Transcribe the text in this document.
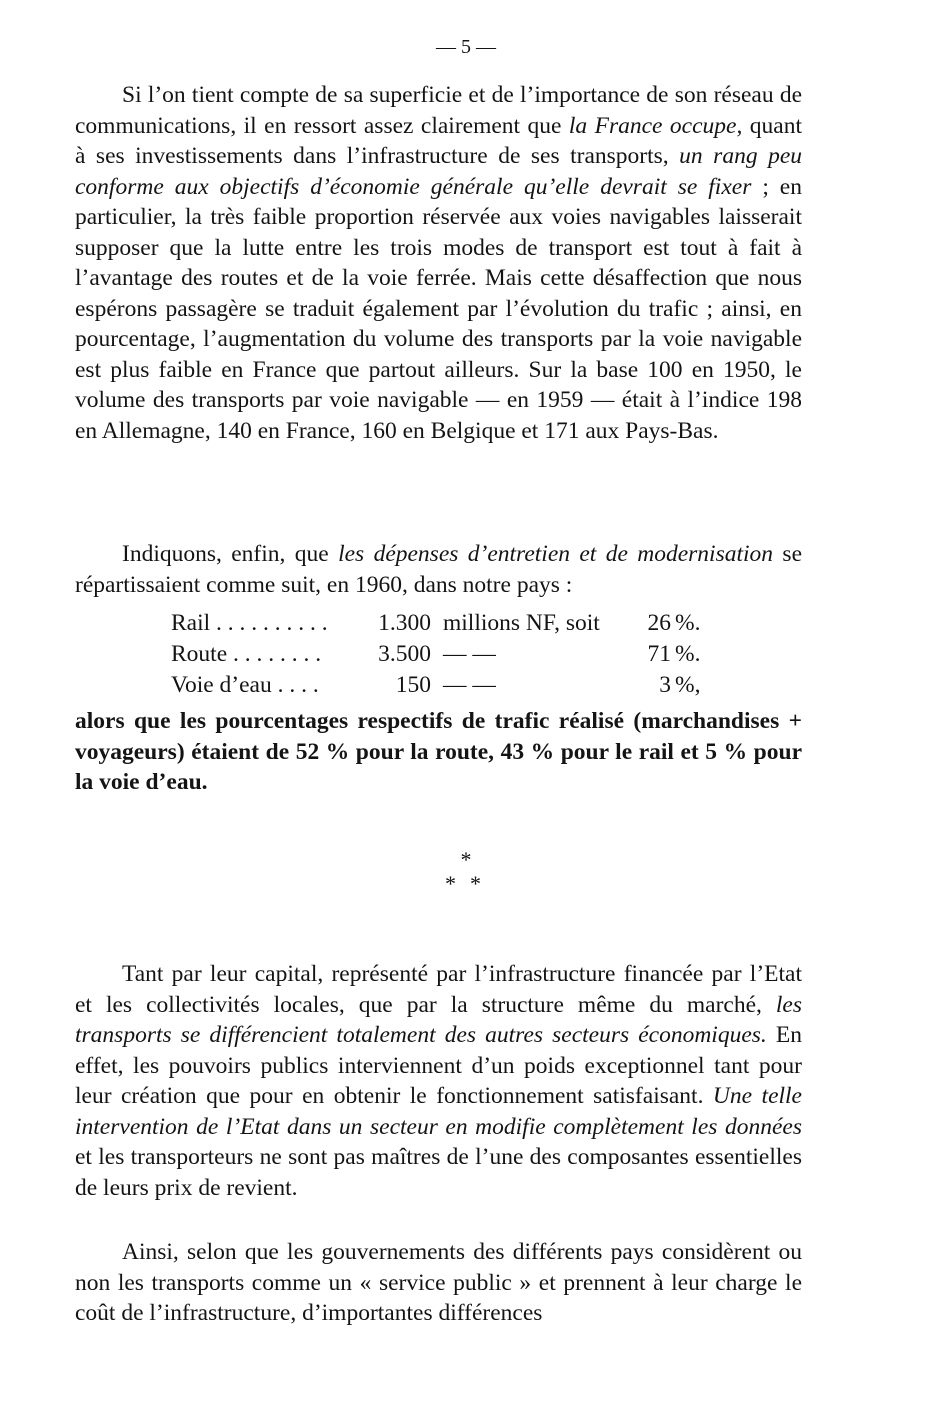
— 5 —

Si l’on tient compte de sa superficie et de l’importance de son réseau de communications, il en ressort assez clairement que la France occupe, quant à ses investissements dans l’infrastructure de ses transports, un rang peu conforme aux objectifs d’économie générale qu’elle devrait se fixer ; en particulier, la très faible proportion réservée aux voies navigables laisserait supposer que la lutte entre les trois modes de transport est tout à fait à l’avantage des routes et de la voie ferrée. Mais cette désaffection que nous espérons passagère se traduit également par l’évolution du trafic ; ainsi, en pourcentage, l’augmentation du volume des transports par la voie navigable est plus faible en France que partout ailleurs. Sur la base 100 en 1950, le volume des transports par voie navigable — en 1959 — était à l’indice 198 en Allemagne, 140 en France, 160 en Belgique et 171 aux Pays-Bas.

Indiquons, enfin, que les dépenses d’entretien et de modernisation se répartissaient comme suit, en 1960, dans notre pays :

Rail . . . . . . . . . .	1.300 millions NF, soit	26 %.
Route . . . . . . . .	3.500 — —	71 %.
Voie d’eau . . . .	150 — —	3 %,

alors que les pourcentages respectifs de trafic réalisé (marchandises + voyageurs) étaient de 52 % pour la route, 43 % pour le rail et 5 % pour la voie d’eau.

*
**

Tant par leur capital, représenté par l’infrastructure financée par l’Etat et les collectivités locales, que par la structure même du marché, les transports se différencient totalement des autres secteurs économiques. En effet, les pouvoirs publics interviennent d’un poids exceptionnel tant pour leur création que pour en obtenir le fonctionnement satisfaisant. Une telle intervention de l’Etat dans un secteur en modifie complètement les données et les transporteurs ne sont pas maîtres de l’une des composantes essentielles de leurs prix de revient.

Ainsi, selon que les gouvernements des différents pays considèrent ou non les transports comme un « service public » et prennent à leur charge le coût de l’infrastructure, d’importantes différences
